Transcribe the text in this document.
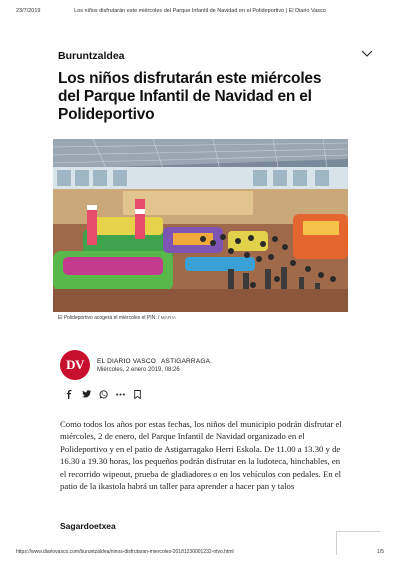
23/7/2019	Los niños disfrutarán este miércoles del Parque Infantil de Navidad en el Polideportivo | El Diario Vasco
Buruntzaldea
Los niños disfrutarán este miércoles del Parque Infantil de Navidad en el Polideportivo
El Polideportivo acogerá el miércoles el PIN. / MARIA
DV	EL DIARIO VASCO ASTIGARRAGA.
Miércoles, 2 enero 2019, 08:26

Como todos los años por estas fechas, los niños del municipio podrán disfrutar el miércoles, 2 de enero, del Parque Infantil de Navidad organizado en el Polideportivo y en el patio de Astigarragako Herri Eskola. De 11.00 a 13.30 y de 16.30 a 19.30 horas, los pequeños podrán disfrutar en la ludoteca, hinchables, en el recorrido wipeout, prueba de gladiadores o en los vehículos con pedales. En el patio de la ikastola habrá un taller para aprender a hacer pan y talos

Sagardoetxea
https://www.diariovasco.com/buruntzaldea/ninos-disfrutaran-miercoles-20181230001232-ntvo.html	1/5
